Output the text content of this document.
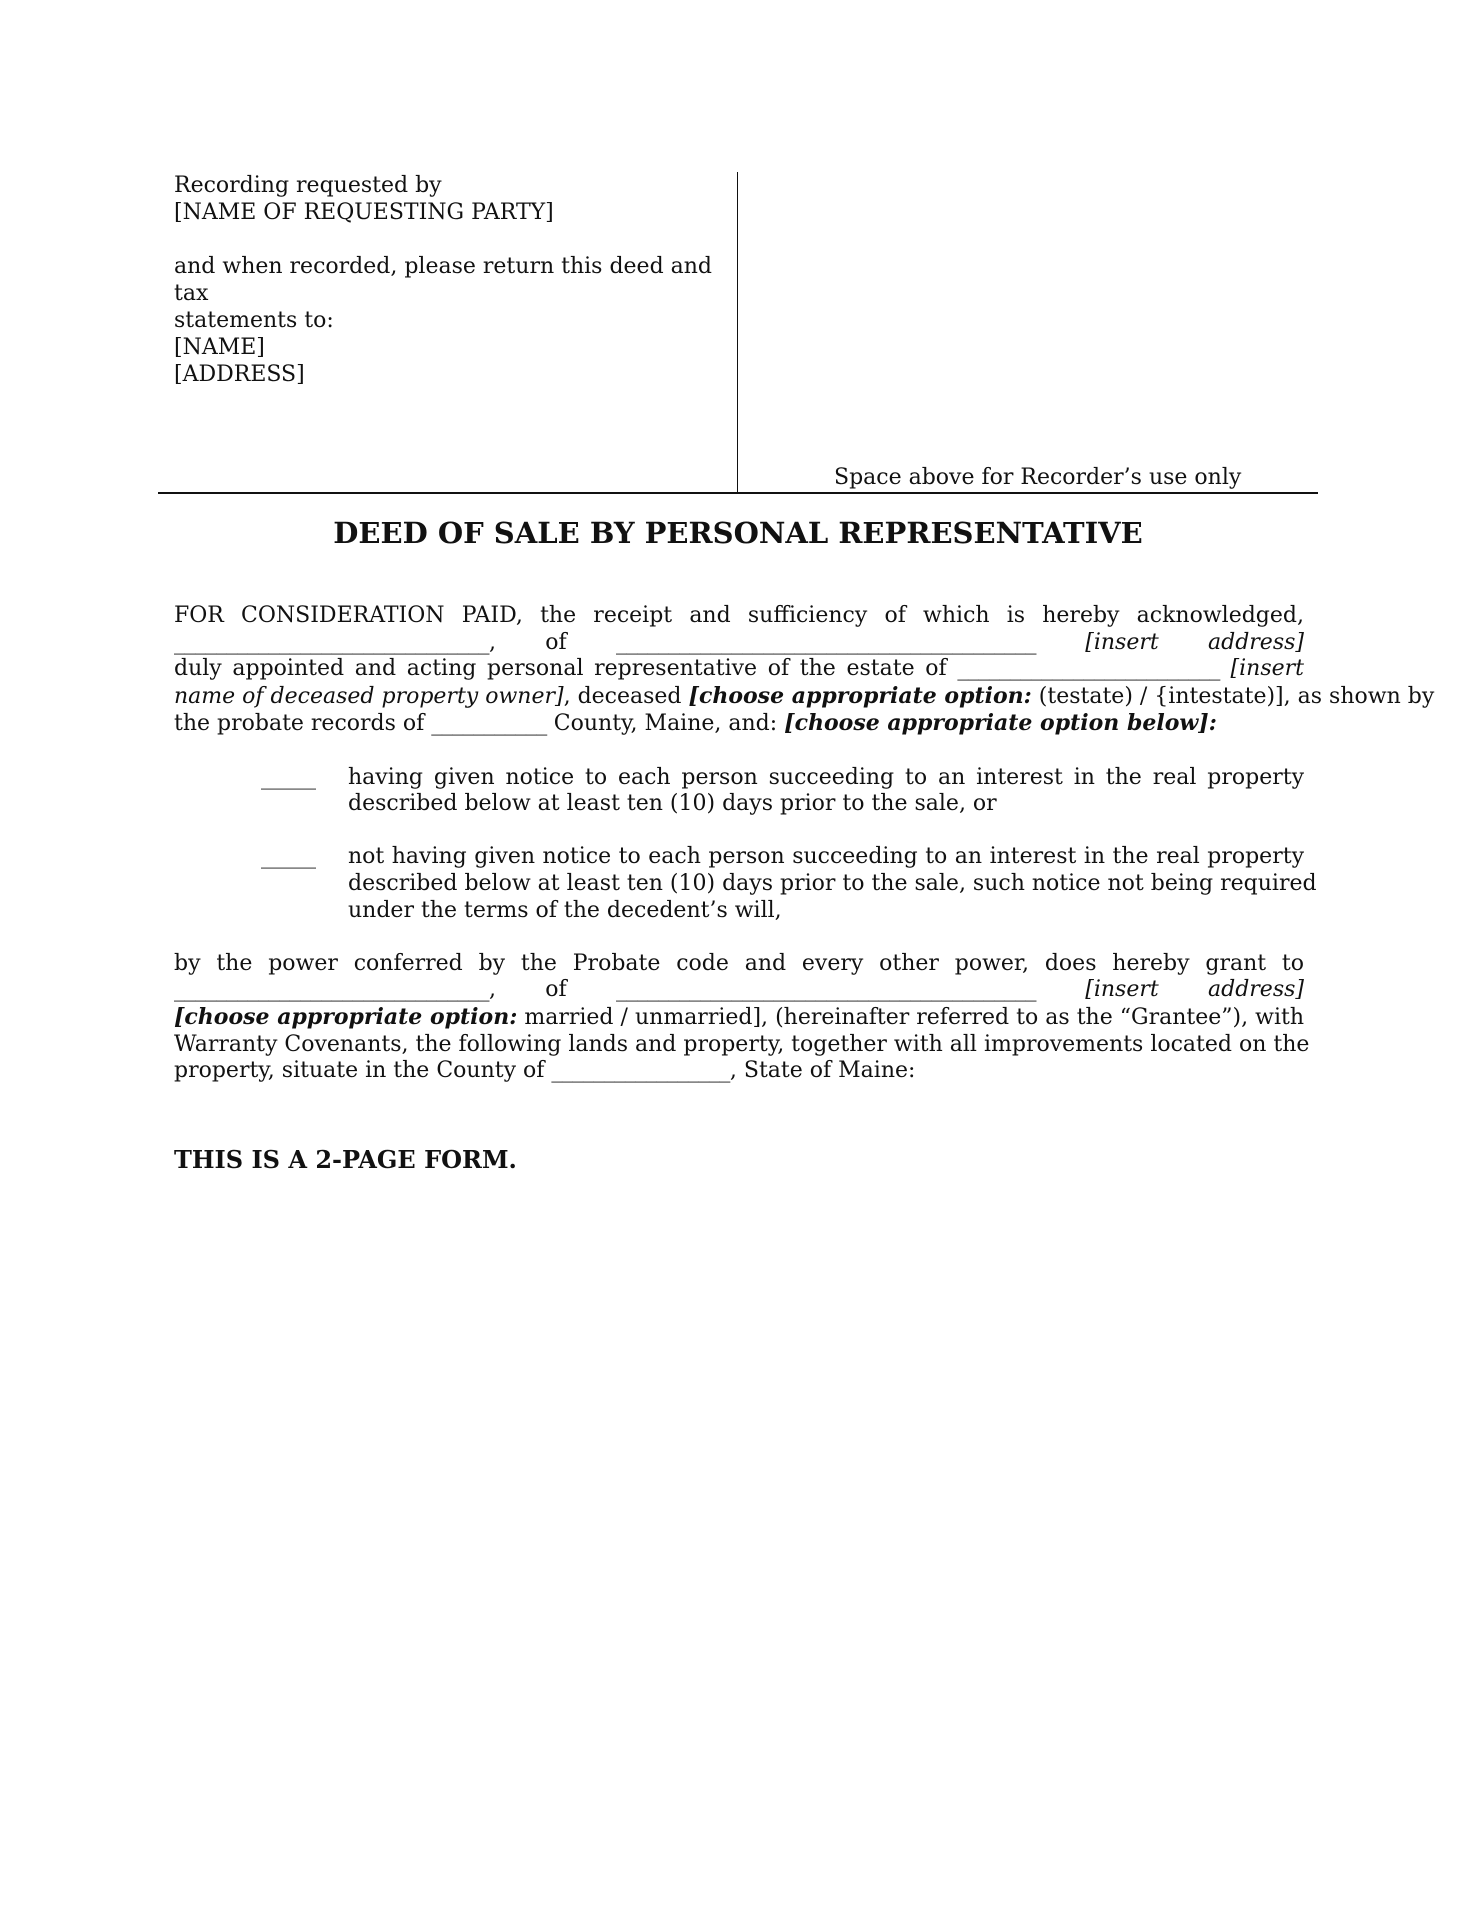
Recording requested by
[NAME OF REQUESTING PARTY]
and when recorded, please return this deed and tax
statements to:
[NAME]
[ADDRESS]
Space above for Recorder’s use only
DEED OF SALE BY PERSONAL REPRESENTATIVE
FOR CONSIDERATION PAID, the receipt and sufficiency of which is hereby acknowledged,
______________________________, of ________________________________________ [insert address]
duly appointed and acting personal representative of the estate of _________________________ [insert
name of deceased property owner], deceased [choose appropriate option: (testate) / {intestate)], as shown by
the probate records of ___________ County, Maine, and: [choose appropriate option below]:
_____ having given notice to each person succeeding to an interest in the real property
described below at least ten (10) days prior to the sale, or
_____ not having given notice to each person succeeding to an interest in the real property
described below at least ten (10) days prior to the sale, such notice not being required
under the terms of the decedent’s will,
by the power conferred by the Probate code and every other power, does hereby grant to
______________________________, of ________________________________________ [insert address]
[choose appropriate option: married / unmarried], (hereinafter referred to as the “Grantee”), with
Warranty Covenants, the following lands and property, together with all improvements located on the
property, situate in the County of _________________, State of Maine:
THIS IS A 2-PAGE FORM.
